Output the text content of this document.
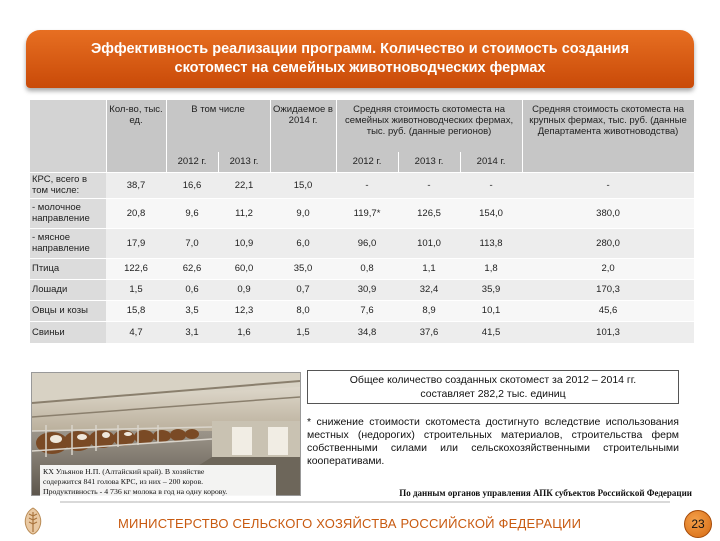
Эффективность реализации программ. Количество и стоимость создания
скотомест на семейных животноводческих фермах
	Кол-во, тыс. ед.	В том числе		Ожидаемое в 2014 г.	Средняя стоимость скотоместа на семейных животноводческих фермах, тыс. руб. (данные регионов)			Средняя стоимость скотоместа на крупных фермах, тыс. руб. (данные Департамента животноводства)
		2012 г.	2013 г.		2012 г.	2013 г.	2014 г.	
КРС, всего в том числе:	38,7	16,6	22,1	15,0	-	-	-	-
- молочное направление	20,8	9,6	11,2	9,0	119,7*	126,5	154,0	380,0
- мясное направление	17,9	7,0	10,9	6,0	96,0	101,0	113,8	280,0
Птица	122,6	62,6	60,0	35,0	0,8	1,1	1,8	2,0
Лошади	1,5	0,6	0,9	0,7	30,9	32,4	35,9	170,3
Овцы и козы	15,8	3,5	12,3	8,0	7,6	8,9	10,1	45,6
Свиньи	4,7	3,1	1,6	1,5	34,8	37,6	41,5	101,3
КХ Ульянов Н.П. (Алтайский край). В хозяйстве
содержится 841 голова КРС, из них – 200 коров.
Продуктивность - 4 736 кг молока в год на одну корову.
Общее количество созданных скотомест за 2012 – 2014 гг.
составляет 282,2 тыс. единиц
* снижение стоимости скотоместа достигнуто вследствие использования местных (недорогих) строительных материалов, строительства ферм собственными силами или сельскохозяйственными строительными кооперативами.
По данным органов управления АПК субъектов Российской Федерации
МИНИСТЕРСТВО СЕЛЬСКОГО ХОЗЯЙСТВА РОССИЙСКОЙ ФЕДЕРАЦИИ	23
